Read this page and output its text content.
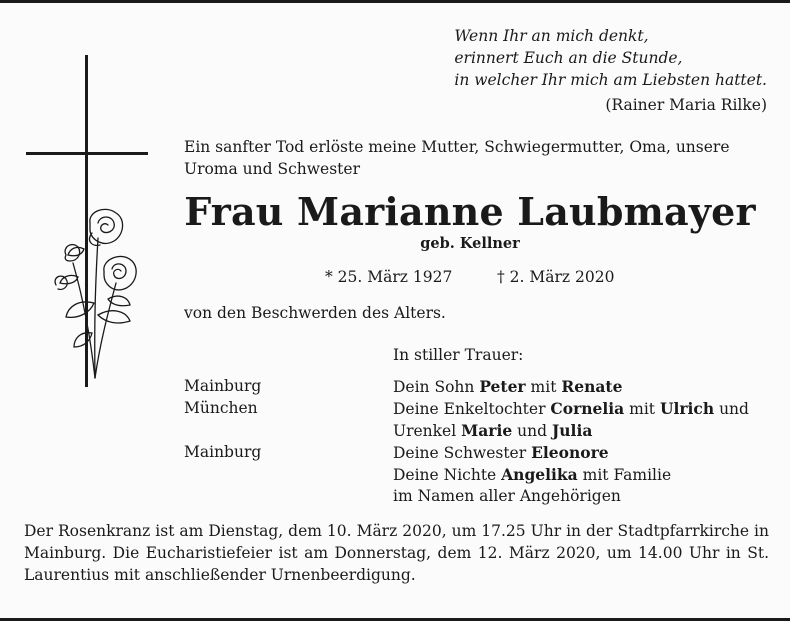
Wenn Ihr an mich denkt,
erinnert Euch an die Stunde,
in welcher Ihr mich am Liebsten hattet.
(Rainer Maria Rilke)
Ein sanfter Tod erlöste meine Mutter, Schwiegermutter, Oma, unsere
Uroma und Schwester
Frau Marianne Laubmayer
geb. Kellner
* 25. März 1927	† 2. März 2020
von den Beschwerden des Alters.
In stiller Trauer:
Mainburg
München
Mainburg
Dein Sohn Peter mit Renate
Deine Enkeltochter Cornelia mit Ulrich und
Urenkel Marie und Julia
Deine Schwester Eleonore
Deine Nichte Angelika mit Familie
im Namen aller Angehörigen
Der Rosenkranz ist am Dienstag, dem 10. März 2020, um 17.25 Uhr in der Stadtpfarrkirche in Mainburg. Die Eucharistiefeier ist am Donnerstag, dem 12. März 2020, um 14.00 Uhr in St. Laurentius mit anschließender Urnenbeerdigung.
